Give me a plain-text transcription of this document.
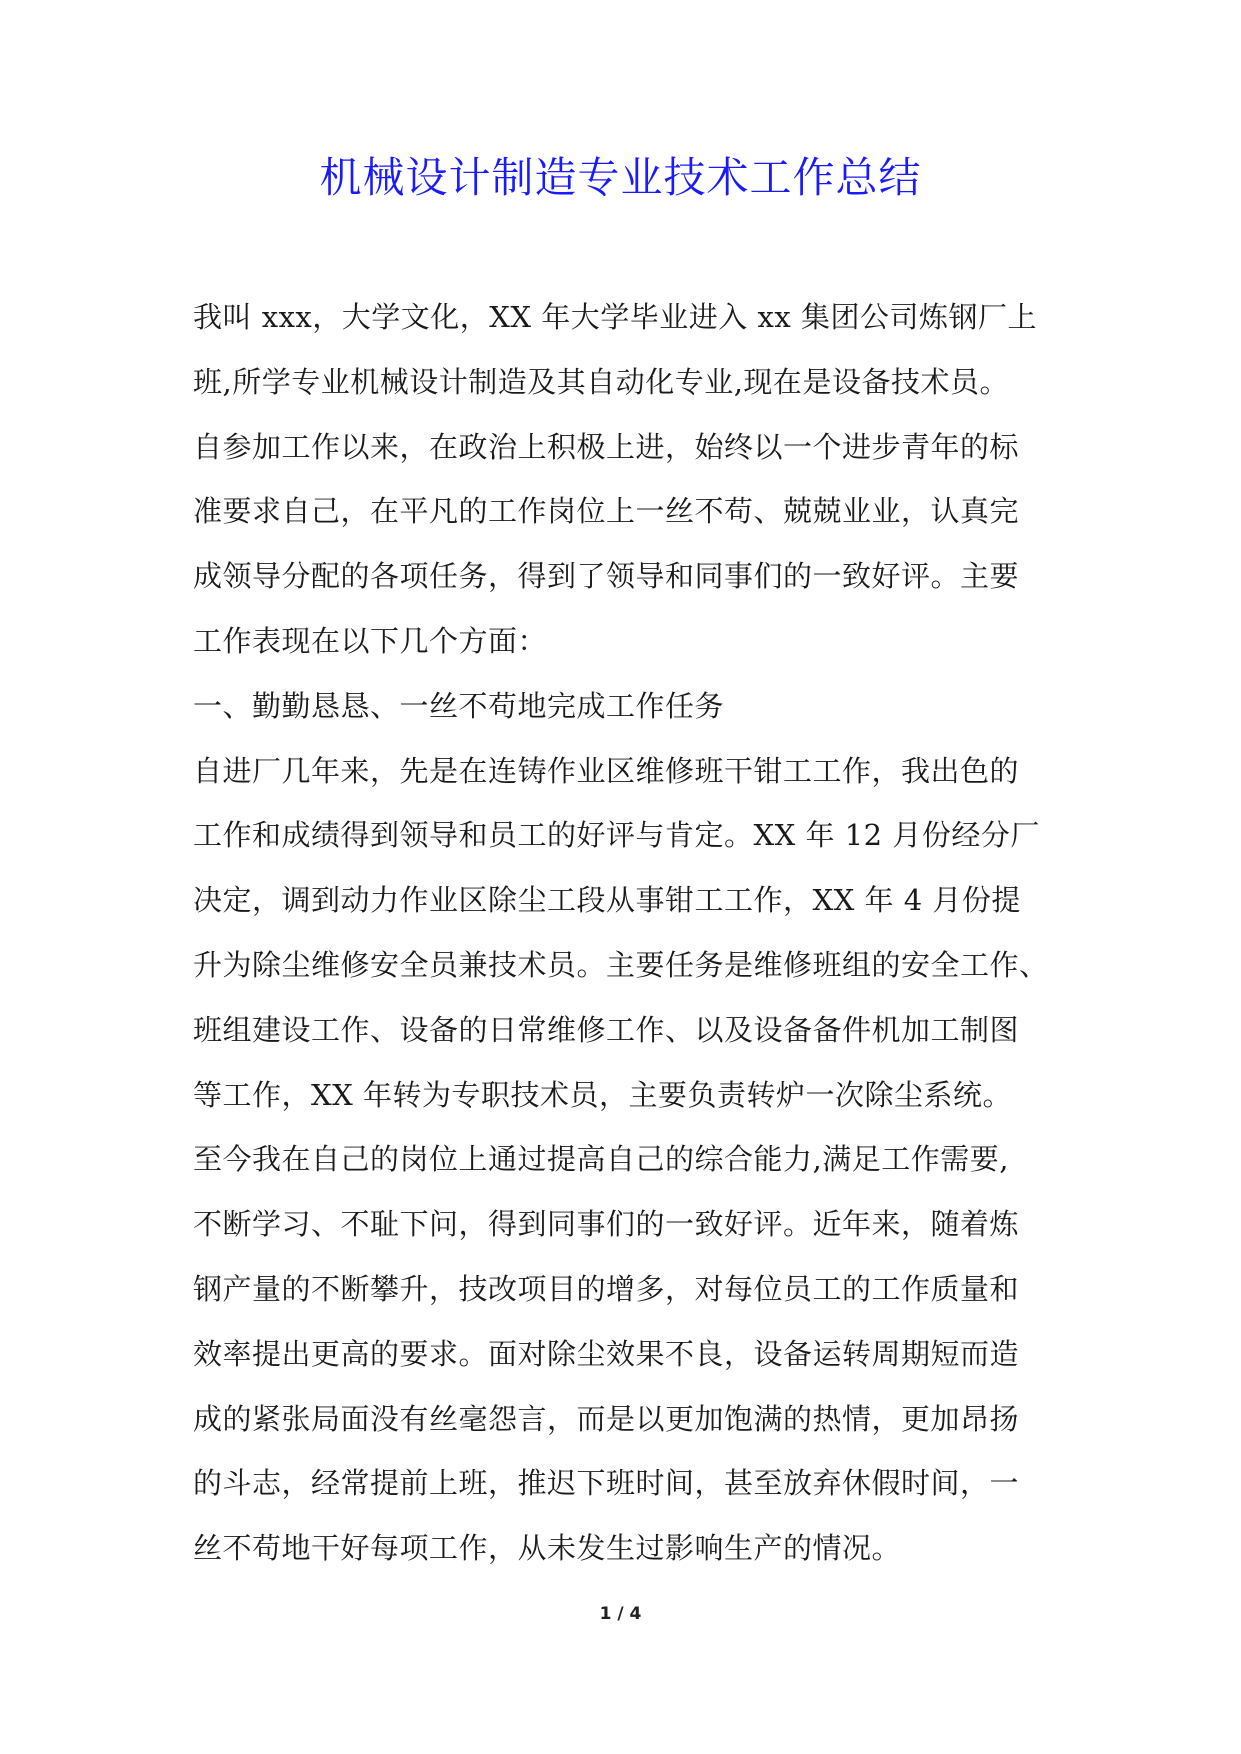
机械设计制造专业技术工作总结
我叫 xxx，大学文化，XX 年大学毕业进入 xx 集团公司炼钢厂上
班,所学专业机械设计制造及其自动化专业,现在是设备技术员。
自参加工作以来，在政治上积极上进，始终以一个进步青年的标
准要求自己，在平凡的工作岗位上一丝不苟、兢兢业业，认真完
成领导分配的各项任务，得到了领导和同事们的一致好评。主要
工作表现在以下几个方面：
一、勤勤恳恳、一丝不苟地完成工作任务
自进厂几年来，先是在连铸作业区维修班干钳工工作，我出色的
工作和成绩得到领导和员工的好评与肯定。XX 年 12 月份经分厂
决定，调到动力作业区除尘工段从事钳工工作，XX 年 4 月份提
升为除尘维修安全员兼技术员。主要任务是维修班组的安全工作、
班组建设工作、设备的日常维修工作、以及设备备件机加工制图
等工作，XX 年转为专职技术员，主要负责转炉一次除尘系统。
至今我在自己的岗位上通过提高自己的综合能力,满足工作需要,
不断学习、不耻下问，得到同事们的一致好评。近年来，随着炼
钢产量的不断攀升，技改项目的增多，对每位员工的工作质量和
效率提出更高的要求。面对除尘效果不良，设备运转周期短而造
成的紧张局面没有丝毫怨言，而是以更加饱满的热情，更加昂扬
的斗志，经常提前上班，推迟下班时间，甚至放弃休假时间，一
丝不苟地干好每项工作，从未发生过影响生产的情况。
1 / 4
